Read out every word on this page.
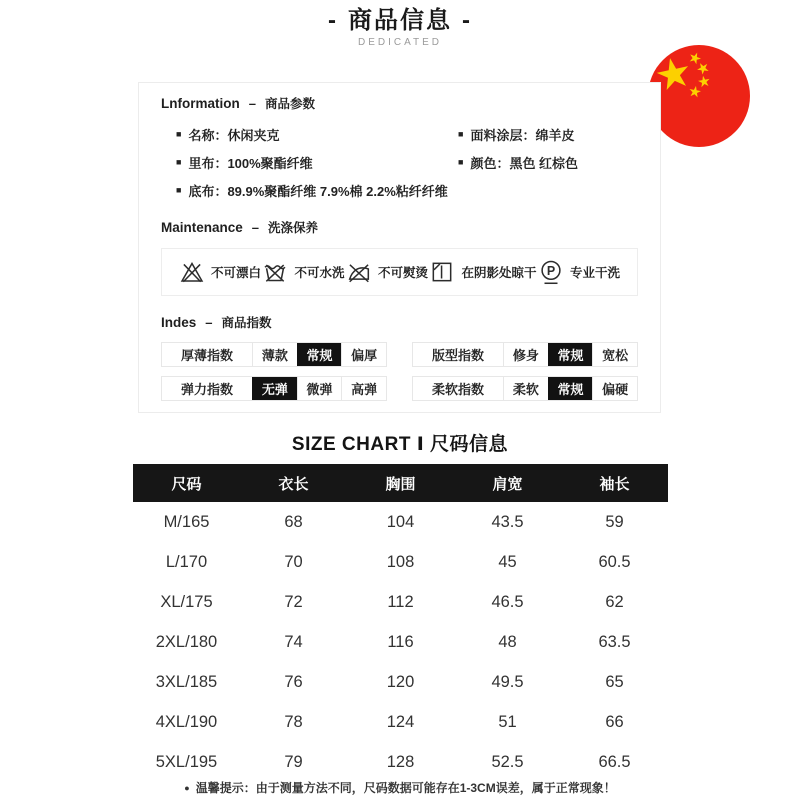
- 商品信息 -
DEDICATED
Lnformation – 商品参数
■ 名称：休闲夹克
■ 里布：100%聚酯纤维
■ 底布：89.9%聚酯纤维 7.9%棉 2.2%粘纤纤维
■ 面料涂层：绵羊皮
■ 颜色：黑色 红棕色
Maintenance – 洗涤保养
不可漂白	不可水洗	不可熨烫	在阴影处晾干 P 专业干洗
Indes – 商品指数
厚薄指数	薄款	常规	偏厚	版型指数	修身	常规	宽松
弹力指数	无弹	微弹	高弹	柔软指数	柔软	常规	偏硬
SIZE CHART Ⅰ 尺码信息
尺码	衣长	胸围	肩宽	袖长
M/165	68	104	43.5	59
L/170	70	108	45	60.5
XL/175	72	112	46.5	62
2XL/180	74	116	48	63.5
3XL/185	76	120	49.5	65
4XL/190	78	124	51	66
5XL/195	79	128	52.5	66.5
● 温馨提示：由于测量方法不同，尺码数据可能存在1-3CM误差，属于正常现象！
